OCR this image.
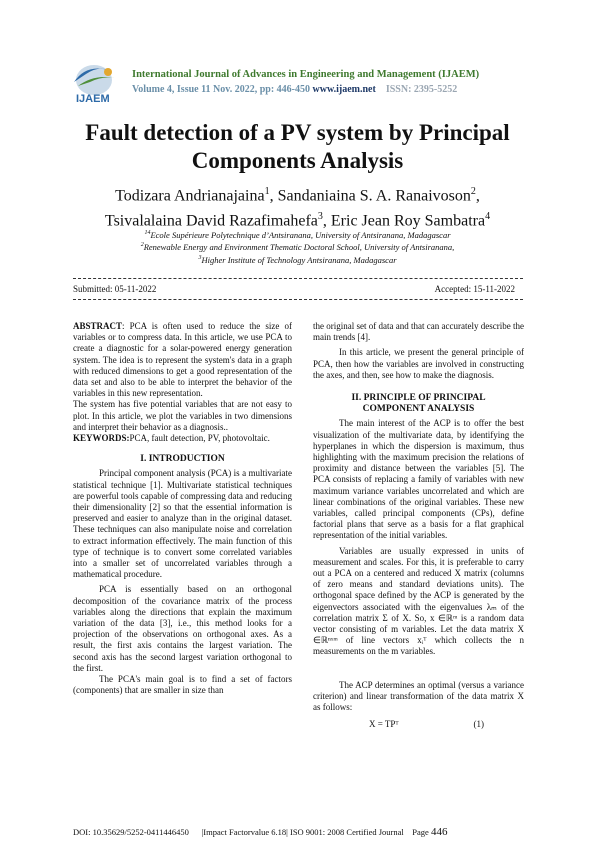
IJAEM
International Journal of Advances in Engineering and Management (IJAEM)
Volume 4, Issue 11 Nov. 2022, pp: 446-450 www.ijaem.net ISSN: 2395-5252
Fault detection of a PV system by Principal
Components Analysis
Todizara Andrianajaina$^1$, Sandaniaina S. A. Ranaivoson$^2$,
Tsivalalaina David Razafimahefa$^3$, Eric Jean Roy Sambatra$^4$
$^{14}$Ecole Supérieure Polytechnique d’Antsiranana, University of Antsiranana, Madagascar
$^2$Renewable Energy and Environment Thematic Doctoral School, University of Antsiranana,
$^3$Higher Institute of Technology Antsiranana, Madagascar
Submitted: 05-11-2022	Accepted: 15-11-2022

ABSTRACT: PCA is often used to reduce the size of variables or to compress data. In this article, we use PCA to create a diagnostic for a solar-powered energy generation system. The idea is to represent the system's data in a graph with reduced dimensions to get a good representation of the data set and also to be able to interpret the behavior of the variables in this new representation.

The system has five potential variables that are not easy to plot. In this article, we plot the variables in two dimensions and interpret their behavior as a diagnosis..

KEYWORDS:PCA, fault detection, PV, photovoltaic.

I. INTRODUCTION

Principal component analysis (PCA) is a multivariate statistical technique [1]. Multivariate statistical techniques are powerful tools capable of compressing data and reducing their dimensionality [2] so that the essential information is preserved and easier to analyze than in the original dataset. These techniques can also manipulate noise and correlation to extract information effectively. The main function of this type of technique is to convert some correlated variables into a smaller set of uncorrelated variables through a mathematical procedure.

PCA is essentially based on an orthogonal decomposition of the covariance matrix of the process variables along the directions that explain the maximum variation of the data [3], i.e., this method looks for a projection of the observations on orthogonal axes. As a result, the first axis contains the largest variation. The second axis has the second largest variation orthogonal to the first.

The PCA's main goal is to find a set of factors (components) that are smaller in size than

the original set of data and that can accurately describe the main trends [4].

In this article, we present the general principle of PCA, then how the variables are involved in constructing the axes, and then, see how to make the diagnosis.

II. PRINCIPLE OF PRINCIPAL
COMPONENT ANALYSIS

The main interest of the ACP is to offer the best visualization of the multivariate data, by identifying the hyperplanes in which the dispersion is maximum, thus highlighting with the maximum precision the relations of proximity and distance between the variables [5]. The PCA consists of replacing a family of variables with new maximum variance variables uncorrelated and which are linear combinations of the original variables. These new variables, called principal components (CPs), define factorial plans that serve as a basis for a flat graphical representation of the initial variables.

Variables are usually expressed in units of measurement and scales. For this, it is preferable to carry out a PCA on a centered and reduced X matrix (columns of zero means and standard deviations units). The orthogonal space defined by the ACP is generated by the eigenvectors associated with the eigenvalues λₘ of the correlation matrix Σ of X. So, x ∈ℝᵐ is a random data vector consisting of m variables. Let the data matrix X ∈ℝⁿˣᵐ of line vectors xᵢᵀ which collects the n measurements on the m variables.

The ACP determines an optimal (versus a variance criterion) and linear transformation of the data matrix X as follows:

X = TPᵀ	(1)
DOI: 10.35629/5252-0411446450      |Impact Factorvalue 6.18| ISO 9001: 2008 Certified Journal    Page 446
